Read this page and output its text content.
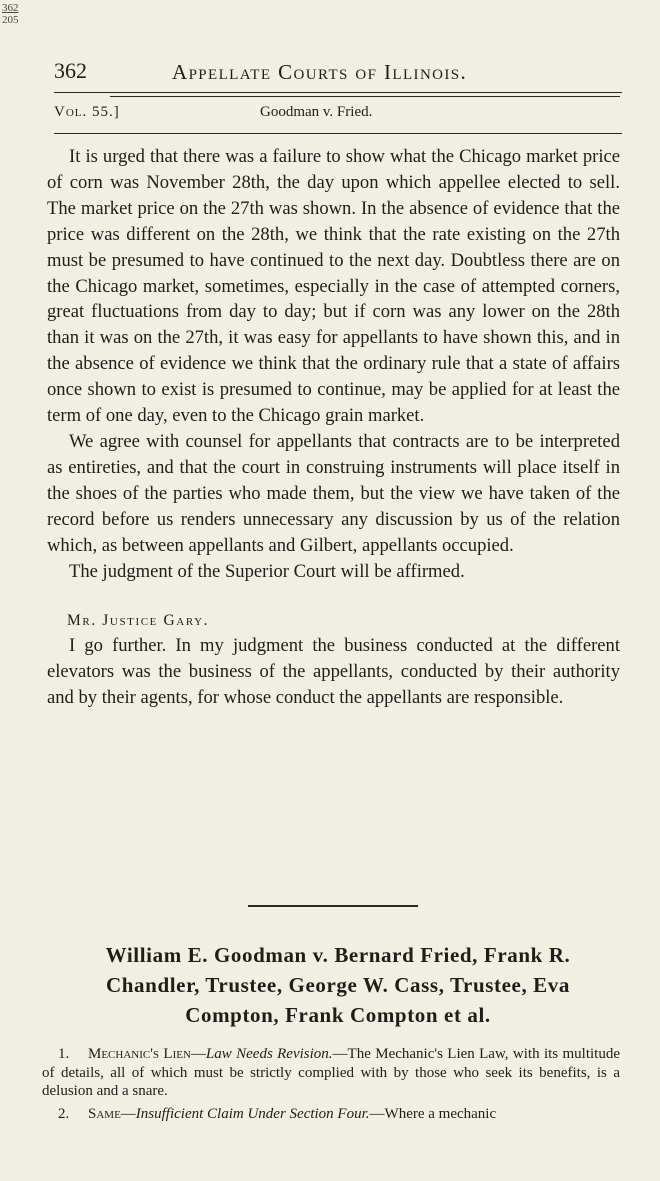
362
205
362	Appellate Courts of Illinois.
Vol. 55.]	Goodman v. Fried.

It is urged that there was a failure to show what the Chicago market price of corn was November 28th, the day upon which appellee elected to sell. The market price on the 27th was shown. In the absence of evidence that the price was different on the 28th, we think that the rate existing on the 27th must be presumed to have continued to the next day. Doubtless there are on the Chicago market, sometimes, especially in the case of attempted corners, great fluctuations from day to day; but if corn was any lower on the 28th than it was on the 27th, it was easy for appellants to have shown this, and in the absence of evidence we think that the ordinary rule that a state of affairs once shown to exist is presumed to continue, may be applied for at least the term of one day, even to the Chicago grain market.

We agree with counsel for appellants that contracts are to be interpreted as entireties, and that the court in construing instruments will place itself in the shoes of the parties who made them, but the view we have taken of the record before us renders unnecessary any discussion by us of the relation which, as between appellants and Gilbert, appellants occupied.

The judgment of the Superior Court will be affirmed.

Mr. Justice Gary.

I go further. In my judgment the business conducted at the different elevators was the business of the appellants, conducted by their authority and by their agents, for whose conduct the appellants are responsible.

William E. Goodman v. Bernard Fried, Frank R. Chandler, Trustee, George W. Cass, Trustee, Eva Compton, Frank Compton et al.

1. Mechanic's Lien—Law Needs Revision.—The Mechanic's Lien Law, with its multitude of details, all of which must be strictly complied with by those who seek its benefits, is a delusion and a snare.

2. Same—Insufficient Claim Under Section Four.—Where a mechanic
